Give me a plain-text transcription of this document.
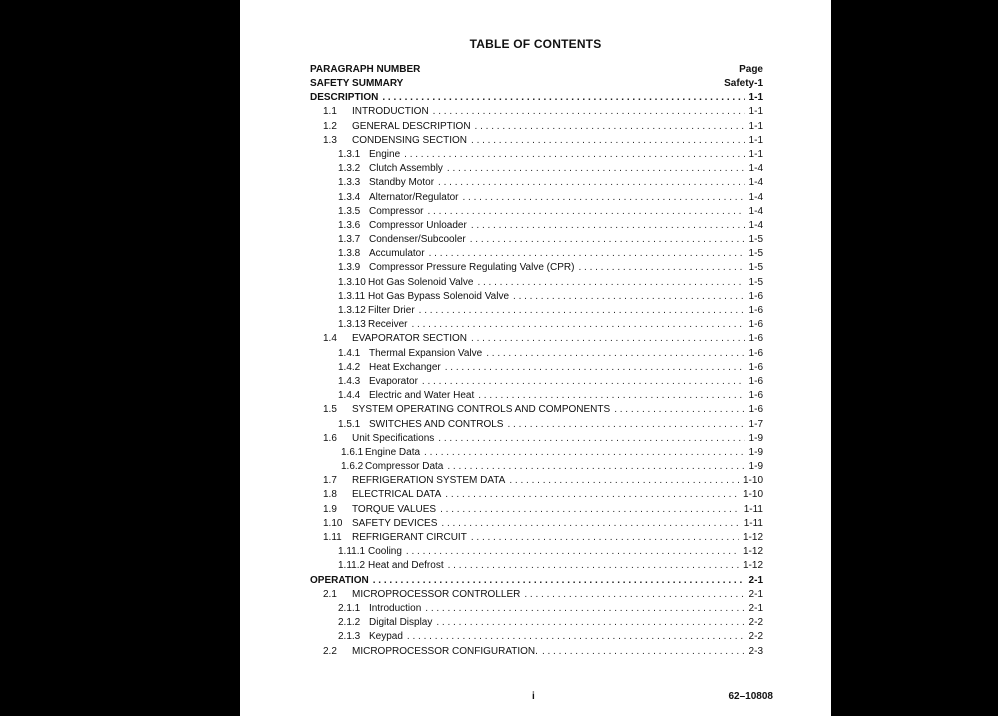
TABLE OF CONTENTS
PARAGRAPH NUMBER	Page
SAFETY SUMMARY	Safety-1
DESCRIPTION . . .	1-1
1.1	INTRODUCTION . . .	1-1
1.2	GENERAL DESCRIPTION . . .	1-1
1.3	CONDENSING SECTION . . .	1-1
1.3.1 Engine . . .	1-1
1.3.2 Clutch Assembly . . .	1-4
1.3.3 Standby Motor . . .	1-4
1.3.4 Alternator/Regulator . . .	1-4
1.3.5 Compressor . . .	1-4
1.3.6 Compressor Unloader . . .	1-4
1.3.7 Condenser/Subcooler . . .	1-5
1.3.8 Accumulator . . .	1-5
1.3.9 Compressor Pressure Regulating Valve (CPR) . . .	1-5
1.3.10 Hot Gas Solenoid Valve . . .	1-5
1.3.11 Hot Gas Bypass Solenoid Valve . . .	1-6
1.3.12 Filter Drier . . .	1-6
1.3.13 Receiver . . .	1-6
1.4	EVAPORATOR SECTION . . .	1-6
1.4.1 Thermal Expansion Valve . . .	1-6
1.4.2 Heat Exchanger . . .	1-6
1.4.3 Evaporator . . .	1-6
1.4.4 Electric and Water Heat . . .	1-6
1.5	SYSTEM OPERATING CONTROLS AND COMPONENTS . . .	1-6
1.5.1 SWITCHES AND CONTROLS . . .	1-7
1.6	Unit Specifications . . .	1-9
1.6.1 Engine Data . . .	1-9
1.6.2 Compressor Data . . .	1-9
1.7	REFRIGERATION SYSTEM DATA . . .	1-10
1.8	ELECTRICAL DATA . . .	1-10
1.9	TORQUE VALUES . . .	1-11
1.10 SAFETY DEVICES . . .	1-11
1.11	REFRIGERANT CIRCUIT . . .	1-12
1.11.1 Cooling . . .	1-12
1.11.2 Heat and Defrost . . .	1-12
OPERATION . . .	2-1
2.1	MICROPROCESSOR CONTROLLER . . .	2-1
2.1.1 Introduction . . .	2-1
2.1.2 Digital Display . . .	2-2
2.1.3 Keypad . . .	2-2
2.2	MICROPROCESSOR CONFIGURATION. . . .	2-3
i	62–10808
